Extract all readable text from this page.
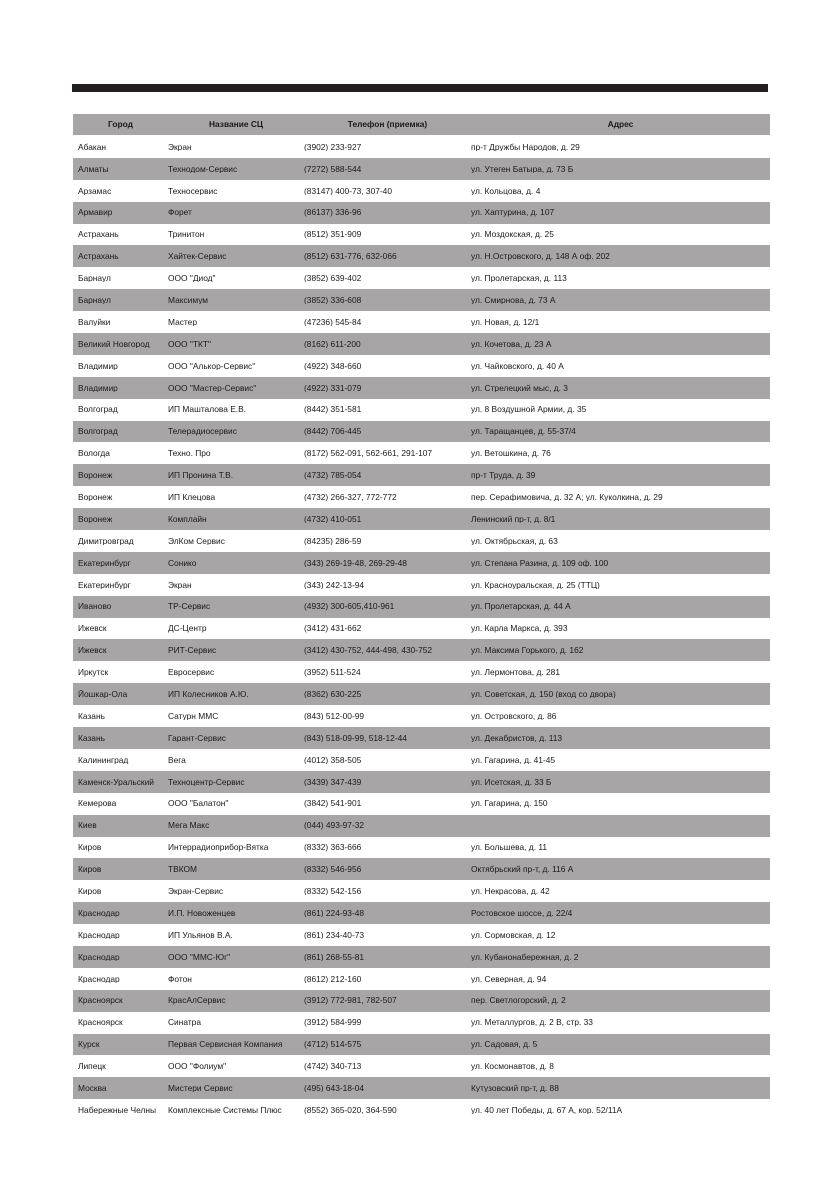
Город	Название СЦ	Телефон (приемка)	Адрес
Абакан	Экран	(3902) 233-927	пр-т Дружбы Народов, д. 29
Алматы	Технодом-Сервис	(7272) 588-544	ул. Утеген Батыра, д. 73 Б
Арзамас	Техносервис	(83147) 400-73, 307-40	ул. Кольцова, д. 4
Армавир	Форет	(86137) 336-96	ул. Хаптурина, д. 107
Астрахань	Тринитон	(8512) 351-909	ул. Моздокская, д. 25
Астрахань	Хайтек-Сервис	(8512) 631-776, 632-066	ул. Н.Островского, д. 148 А оф. 202
Барнаул	ООО "Диод"	(3852) 639-402	ул. Пролетарская, д. 113
Барнаул	Максимум	(3852) 336-608	ул. Смирнова, д. 73 А
Валуйки	Мастер	(47236) 545-84	ул. Новая, д. 12/1
Великий Новгород	ООО "ТКТ"	(8162) 611-200	ул. Кочетова, д. 23 А
Владимир	ООО "Алькор-Сервис"	(4922) 348-660	ул. Чайковского, д. 40 А
Владимир	ООО "Мастер-Сервис"	(4922) 331-079	ул. Стрелецкий мыс, д. 3
Волгоград	ИП Машталова Е.В.	(8442) 351-581	ул. 8 Воздушной Армии, д. 35
Волгоград	Телерадиосервис	(8442) 706-445	ул. Таращанцев, д. 55-37/4
Вологда	Техно. Про	(8172) 562-091, 562-661, 291-107	ул. Ветошкина, д. 76
Воронеж	ИП Пронина Т.В.	(4732) 785-054	пр-т Труда, д. 39
Воронеж	ИП Клецова	(4732) 266-327, 772-772	пер. Серафимовича, д. 32 А; ул. Куколкина, д. 29
Воронеж	Комплайн	(4732) 410-051	Ленинский пр-т, д. 8/1
Димитровград	ЭлКом Сервис	(84235) 286-59	ул. Октябрьская, д. 63
Екатеринбург	Сонико	(343) 269-19-48, 269-29-48	ул. Степана Разина, д. 109 оф. 100
Екатеринбург	Экран	(343) 242-13-94	ул. Красноуральская, д. 25 (ТТЦ)
Иваново	ТР-Сервис	(4932) 300-605,410-961	ул. Пролетарская, д. 44 А
Ижевск	ДС-Центр	(3412) 431-662	ул. Карла Маркса, д. 393
Ижевск	РИТ-Сервис	(3412) 430-752, 444-498, 430-752	ул. Максима Горького, д. 162
Иркутск	Евросервис	(3952) 511-524	ул. Лермонтова, д. 281
Йошкар-Ола	ИП Колесников А.Ю.	(8362) 630-225	ул. Советская, д. 150 (вход со двора)
Казань	Сатурн ММС	(843) 512-00-99	ул. Островского, д. 86
Казань	Гарант-Сервис	(843) 518-09-99, 518-12-44	ул. Декабристов, д. 113
Калининград	Вега	(4012) 358-505	ул. Гагарина, д. 41-45
Каменск-Уральский	Техноцентр-Сервис	(3439) 347-439	ул. Исетская, д. 33 Б
Кемерова	ООО "Балатон"	(3842) 541-901	ул. Гагарина, д. 150
Киев	Мега Макс	(044) 493-97-32
Киров	Интеррадиоприбор-Вятка	(8332) 363-666	ул. Большева, д. 11
Киров	ТВКОМ	(8332) 546-956	Октябрьский пр-т, д. 116 А
Киров	Экран-Сервис	(8332) 542-156	ул. Некрасова, д. 42
Краснодар	И.П. Новоженцев	(861) 224-93-48	Ростовское шоссе, д. 22/4
Краснодар	ИП Ульянов В.А.	(861) 234-40-73	ул. Сормовская, д. 12
Краснодар	ООО "ММС-Юг"	(861) 268-55-81	ул. Кубанонабережная, д. 2
Краснодар	Фотон	(8612) 212-160	ул. Северная, д. 94
Красноярск	КрасАлСервис	(3912) 772-981, 782-507	пер. Светлогорский, д. 2
Красноярск	Синатра	(3912) 584-999	ул. Металлургов, д. 2 В, стр. 33
Курск	Первая Сервисная Компания	(4712) 514-575	ул. Садовая, д. 5
Липецк	ООО "Фолиум"	(4742) 340-713	ул. Космонавтов, д. 8
Москва	Мистери Сервис	(495) 643-18-04	Кутузовский пр-т, д. 88
Набережные Челны	Комплексные Системы Плюс	(8552) 365-020, 364-590	ул. 40 лет Победы, д. 67 А, кор. 52/11А
